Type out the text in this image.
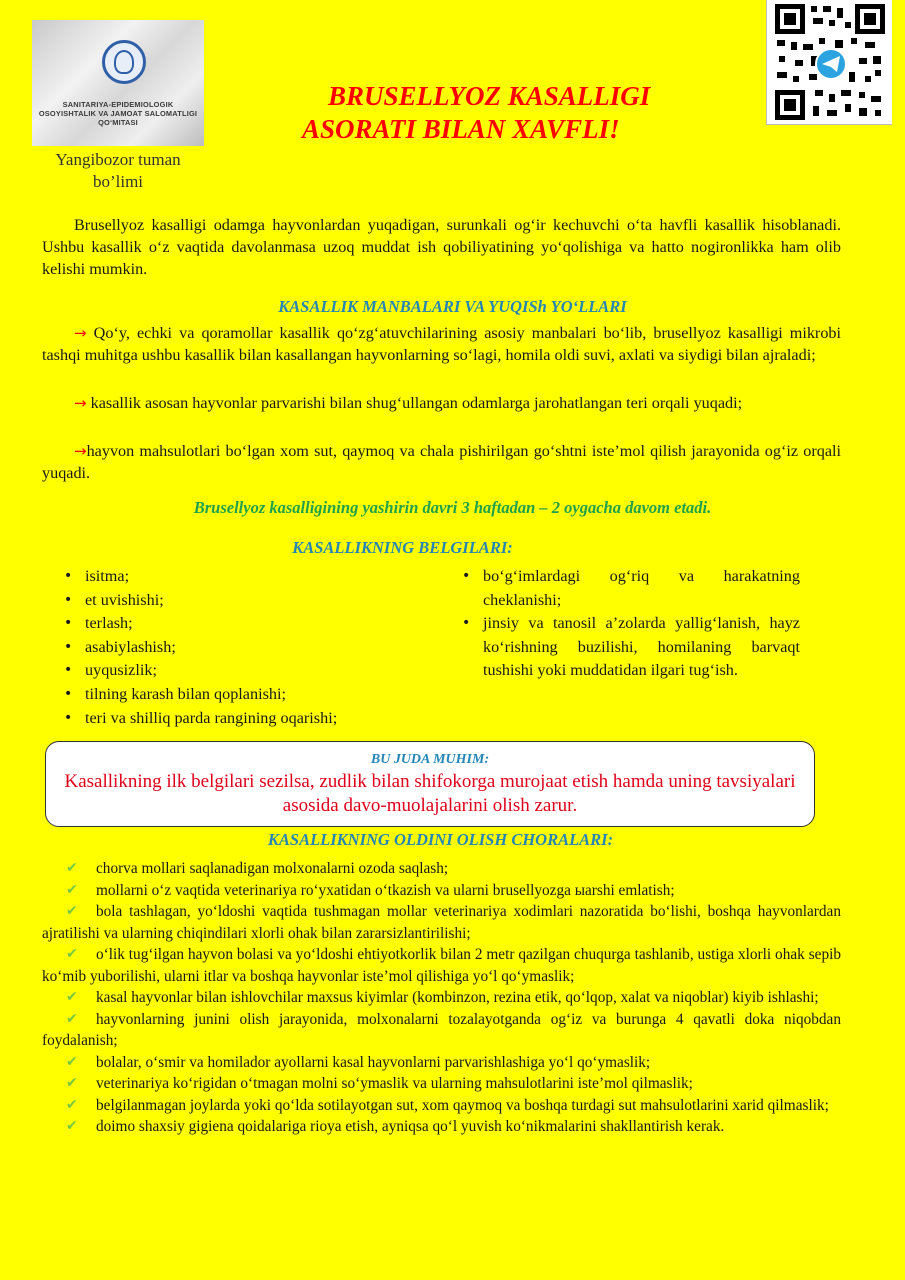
SANITARIYA-EPIDEMIOLOGIK
OSOYISHTALIK VA JAMOAT SALOMATLIGI
QO‘MITASI
Yangibozor tuman
bo’limi
BRUSELLYOZ KASALLIGI
ASORATI BILAN XAVFLI!

Brusellyoz kasalligi odamga hayvonlardan yuqadigan, surunkali og‘ir kechuvchi o‘ta havfli kasallik hisoblanadi. Ushbu kasallik o‘z vaqtida davolanmasa uzoq muddat ish qobiliyatining yo‘qolishiga va hatto nogironlikka ham olib kelishi mumkin.

KASALLIK MANBALARI VA YUQISh YO‘LLARI

→ Qo‘y, echki va qoramollar kasallik qo‘zg‘atuvchilarining asosiy manbalari bo‘lib, brusellyoz kasalligi mikrobi tashqi muhitga ushbu kasallik bilan kasallangan hayvonlarning so‘lagi, homila oldi suvi, axlati va siydigi bilan ajraladi;

→ kasallik asosan hayvonlar parvarishi bilan shug‘ullangan odamlarga jarohatlangan teri orqali yuqadi;

→hayvon mahsulotlari bo‘lgan xom sut, qaymoq va chala pishirilgan go‘shtni iste’mol qilish jarayonida og‘iz orqali yuqadi.

Brusellyoz kasalligining yashirin davri 3 haftadan – 2 oygacha davom etadi.
KASALLIKNING BELGILARI:
• isitma;
• et uvishishi;
• terlash;
• asabiylashish;
• uyqusizlik;
• tilning karash bilan qoplanishi;
• teri va shilliq parda rangining oqarishi;
• bo‘g‘imlardagi og‘riq va harakatning cheklanishi;
• jinsiy va tanosil a’zolarda yallig‘lanish, hayz ko‘rishning buzilishi, homilaning barvaqt tushishi yoki muddatidan ilgari tug‘ish.
BU JUDA MUHIM:
Kasallikning ilk belgilari sezilsa, zudlik bilan shifokorga murojaat etish hamda uning tavsiyalari asosida davo-muolajalarini olish zarur.
KASALLIKNING OLDINI OLISH CHORALARI:
✔ chorva mollari saqlanadigan molxonalarni ozoda saqlash;
✔ mollarni o‘z vaqtida veterinariya ro‘yxatidan o‘tkazish va ularni brusellyozga ыarshi emlatish;
✔ bola tashlagan, yo‘ldoshi vaqtida tushmagan mollar veterinariya xodimlari nazoratida bo‘lishi, boshqa hayvonlardan ajratilishi va ularning chiqindilari xlorli ohak bilan zararsizlantirilishi;
✔ o‘lik tug‘ilgan hayvon bolasi va yo‘ldoshi ehtiyotkorlik bilan 2 metr qazilgan chuqurga tashlanib, ustiga xlorli ohak sepib ko‘mib yuborilishi, ularni itlar va boshqa hayvonlar iste’mol qilishiga yo‘l qo‘ymaslik;
✔ kasal hayvonlar bilan ishlovchilar maxsus kiyimlar (kombinzon, rezina etik, qo‘lqop, xalat va niqoblar) kiyib ishlashi;
✔ hayvonlarning junini olish jarayonida, molxonalarni tozalayotganda og‘iz va burunga 4 qavatli doka niqobdan foydalanish;
✔ bolalar, o‘smir va homilador ayollarni kasal hayvonlarni parvarishlashiga yo‘l qo‘ymaslik;
✔ veterinariya ko‘rigidan o‘tmagan molni so‘ymaslik va ularning mahsulotlarini iste’mol qilmaslik;
✔ belgilanmagan joylarda yoki qo‘lda sotilayotgan sut, xom qaymoq va boshqa turdagi sut mahsulotlarini xarid qilmaslik;
✔ doimo shaxsiy gigiena qoidalariga rioya etish, ayniqsa qo‘l yuvish ko‘nikmalarini shakllantirish kerak.
